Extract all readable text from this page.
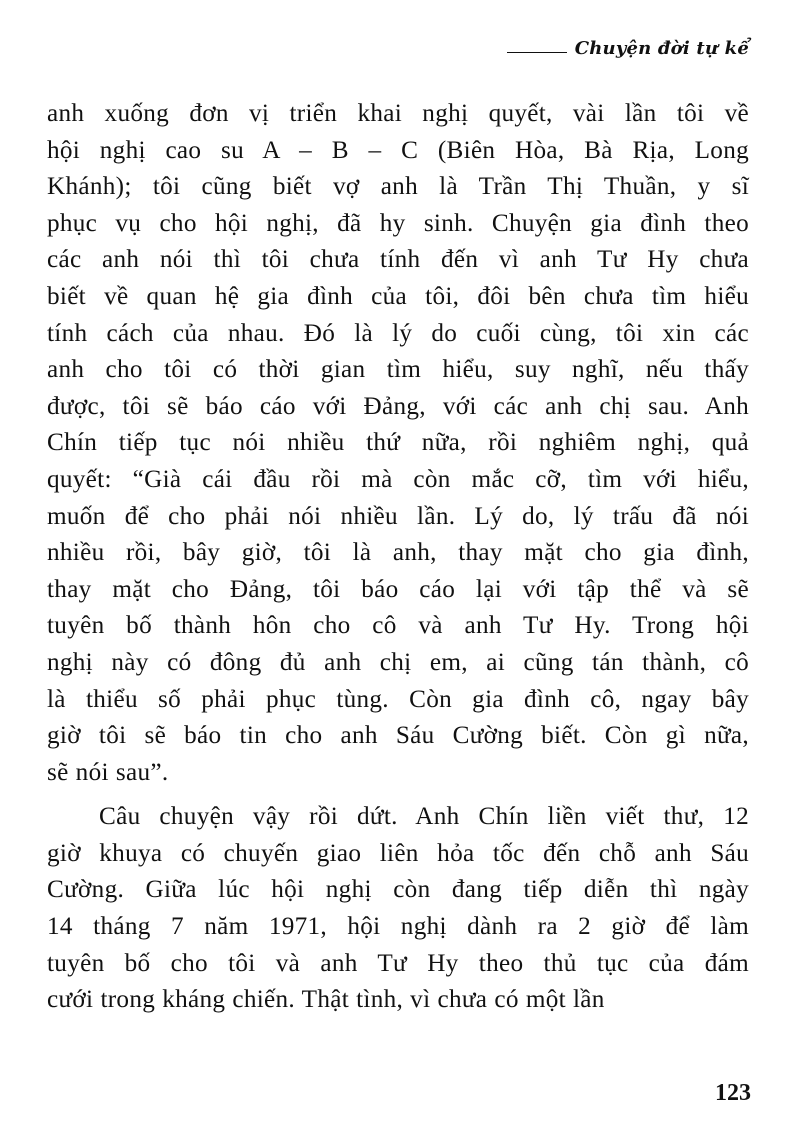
Chuyện đời tự kể

anh xuống đơn vị triển khai nghị quyết, vài lần tôi về
hội nghị cao su A – B – C (Biên Hòa, Bà Rịa, Long
Khánh); tôi cũng biết vợ anh là Trần Thị Thuần, y sĩ
phục vụ cho hội nghị, đã hy sinh. Chuyện gia đình theo
các anh nói thì tôi chưa tính đến vì anh Tư Hy chưa
biết về quan hệ gia đình của tôi, đôi bên chưa tìm hiểu
tính cách của nhau. Đó là lý do cuối cùng, tôi xin các
anh cho tôi có thời gian tìm hiểu, suy nghĩ, nếu thấy
được, tôi sẽ báo cáo với Đảng, với các anh chị sau. Anh
Chín tiếp tục nói nhiều thứ nữa, rồi nghiêm nghị, quả
quyết: “Già cái đầu rồi mà còn mắc cỡ, tìm với hiểu,
muốn để cho phải nói nhiều lần. Lý do, lý trấu đã nói
nhiều rồi, bây giờ, tôi là anh, thay mặt cho gia đình,
thay mặt cho Đảng, tôi báo cáo lại với tập thể và sẽ
tuyên bố thành hôn cho cô và anh Tư Hy. Trong hội
nghị này có đông đủ anh chị em, ai cũng tán thành, cô
là thiểu số phải phục tùng. Còn gia đình cô, ngay bây
giờ tôi sẽ báo tin cho anh Sáu Cường biết. Còn gì nữa,
sẽ nói sau”.

Câu chuyện vậy rồi dứt. Anh Chín liền viết thư, 12
giờ khuya có chuyến giao liên hỏa tốc đến chỗ anh Sáu
Cường. Giữa lúc hội nghị còn đang tiếp diễn thì ngày
14 tháng 7 năm 1971, hội nghị dành ra 2 giờ để làm
tuyên bố cho tôi và anh Tư Hy theo thủ tục của đám
cưới trong kháng chiến. Thật tình, vì chưa có một lần

123
